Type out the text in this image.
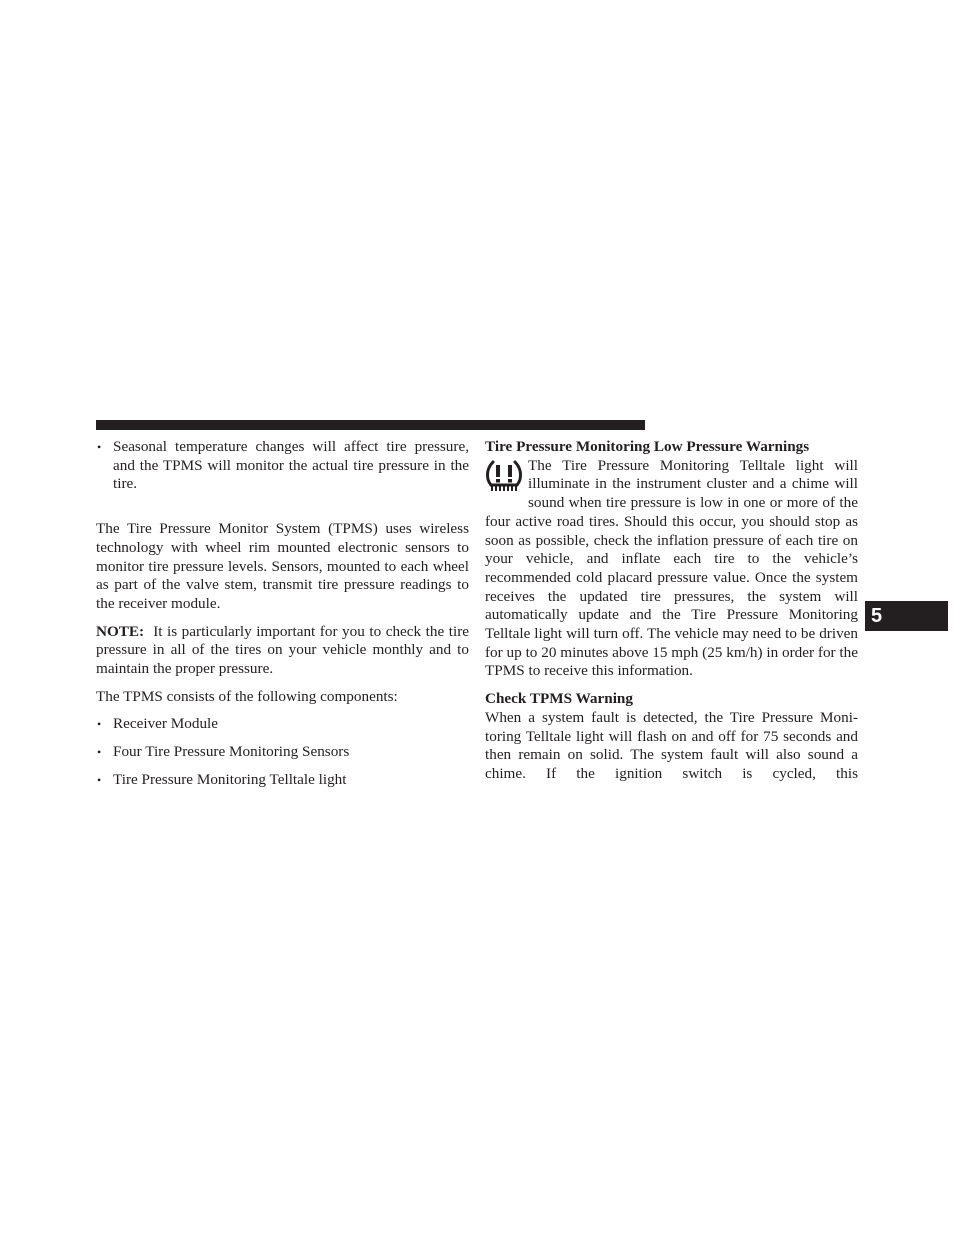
• Seasonal temperature changes will affect tire pressure, and the TPMS will monitor the actual tire pressure in the tire.

The Tire Pressure Monitor System (TPMS) uses wireless technology with wheel rim mounted electronic sensors to monitor tire pressure levels. Sensors, mounted to each wheel as part of the valve stem, transmit tire pressure readings to the receiver module.

NOTE: It is particularly important for you to check the tire pressure in all of the tires on your vehicle monthly and to maintain the proper pressure.

The TPMS consists of the following components:

• Receiver Module
• Four Tire Pressure Monitoring Sensors
• Tire Pressure Monitoring Telltale light

Tire Pressure Monitoring Low Pressure Warnings

The Tire Pressure Monitoring Telltale light will illuminate in the instrument cluster and a chime will sound when tire pressure is low in one or more of the four active road tires. Should this occur, you should stop as soon as possible, check the inflation pressure of each tire on your vehicle, and inflate each tire to the vehicle’s recommended cold placard pressure value. Once the system receives the updated tire pressures, the system will automatically update and the Tire Pressure Monitoring Telltale light will turn off. The vehicle may need to be driven for up to 20 minutes above 15 mph (25 km/h) in order for the TPMS to receive this information.

Check TPMS Warning

When a system fault is detected, the Tire Pressure Monitoring Telltale light will flash on and off for 75 seconds and then remain on solid. The system fault will also sound a chime. If the ignition switch is cycled, this

5
